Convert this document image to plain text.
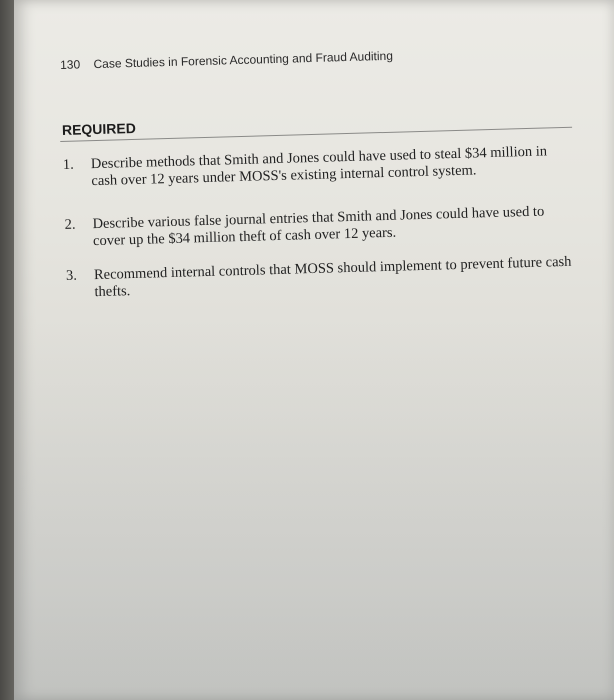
130 Case Studies in Forensic Accounting and Fraud Auditing
REQUIRED
1. Describe methods that Smith and Jones could have used to steal $34 million in cash over 12 years under MOSS's existing internal control system.
2. Describe various false journal entries that Smith and Jones could have used to cover up the $34 million theft of cash over 12 years.
3. Recommend internal controls that MOSS should implement to prevent future cash thefts.
